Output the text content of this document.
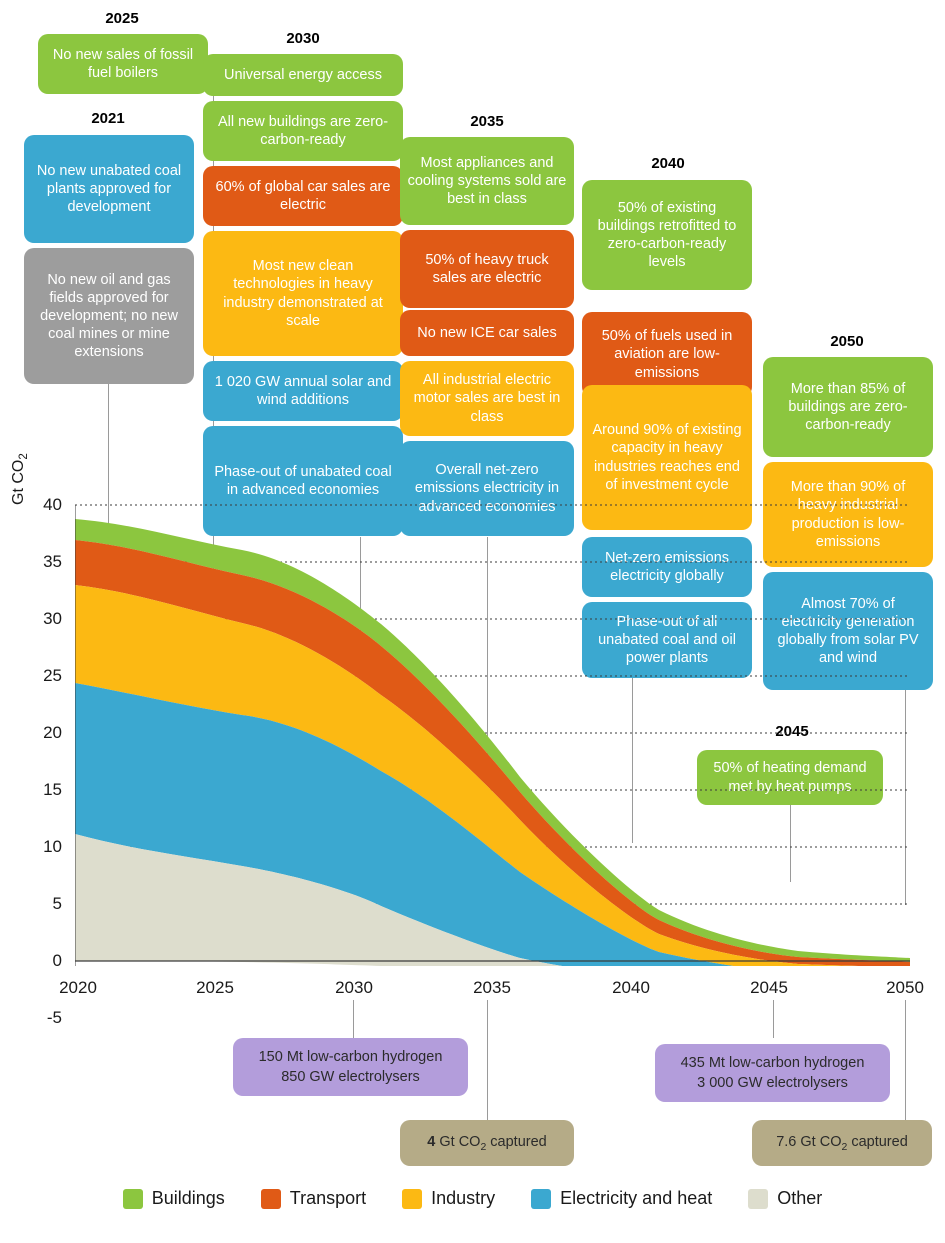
2025
2021
2030
2035
2040
2050
2045
No new sales of fossil fuel boilers
No new unabated coal plants approved for development
No new oil and gas fields approved for development; no new coal mines or mine extensions
Universal energy access
All new buildings are zero-carbon-ready
60% of global car sales are electric
Most new clean technologies in heavy industry demonstrated at scale
1 020 GW annual solar and wind additions
Phase-out of unabated coal in advanced economies
Most appliances and cooling systems sold are best in class
50% of heavy truck sales are electric
No new ICE car sales
All industrial electric motor sales are best in class
Overall net-zero emissions electricity in advanced economies
50% of existing buildings retrofitted to zero-carbon-ready levels
50% of fuels used in aviation are low-emissions
Around 90% of existing capacity in heavy industries reaches end of investment cycle
Net-zero emissions electricity globally
Phase-out of all unabated coal and oil power plants
50% of heating demand met by heat pumps
More than 85% of buildings are zero-carbon-ready
More than 90% of heavy industrial production is low-emissions
Almost 70% of electricity generation globally from solar PV and wind
Gt $CO_2$
40
35
30
25
20
15
10
5
0
-5
2020	2025	2030	2035	2040	2045	2050
150 Mt low-carbon hydrogen
850 GW electrolysers
435 Mt low-carbon hydrogen
3 000 GW electrolysers
4 Gt $CO_2$ captured	7.6 Gt $CO_2$ captured
Buildings	Transport	Industry	Electricity and heat	Other
